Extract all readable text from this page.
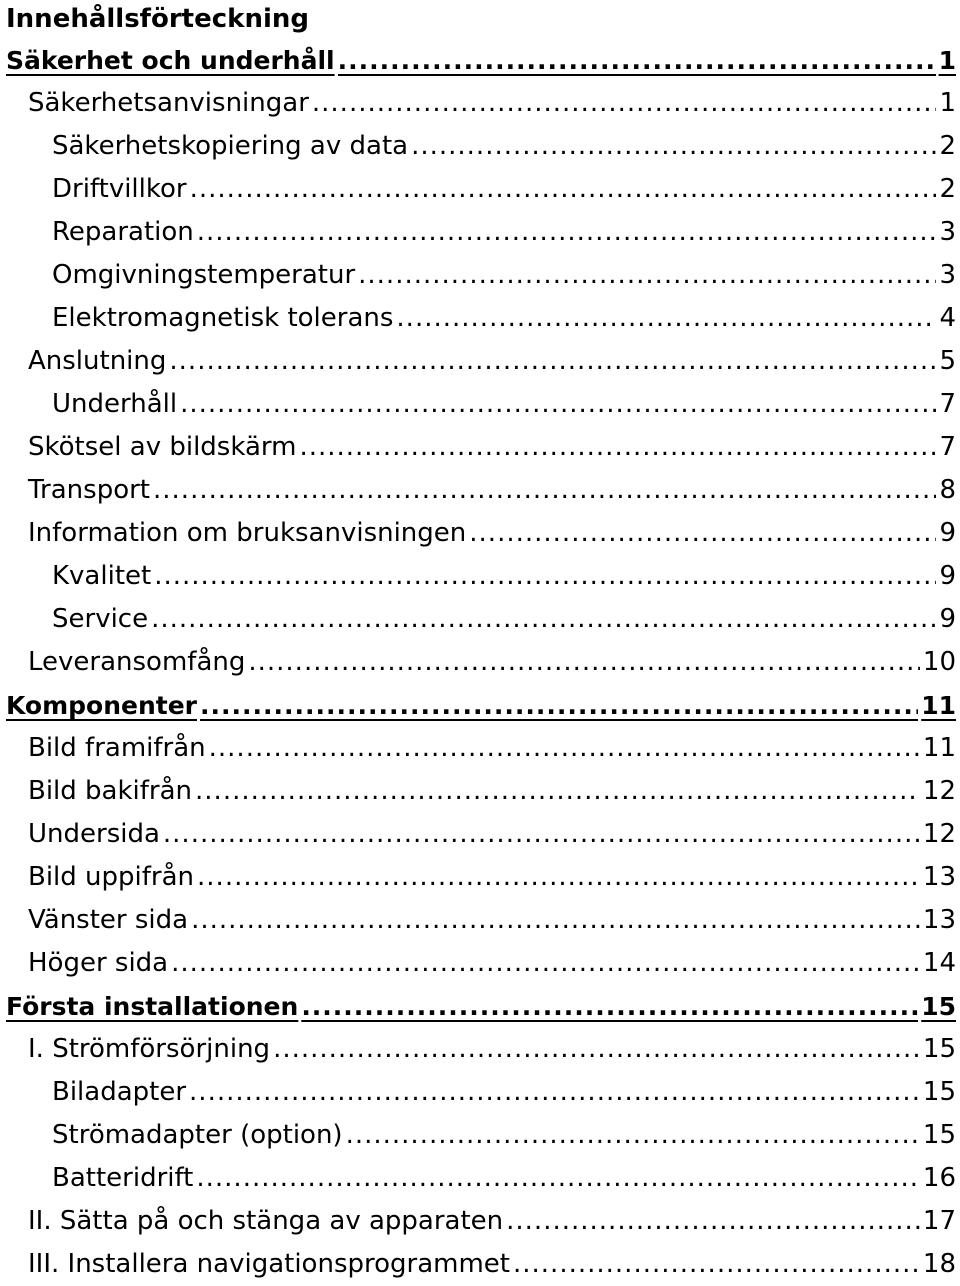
Innehållsförteckning
Säkerhet och underhåll .....	1
Säkerhetsanvisningar .....	1
Säkerhetskopiering av data .....	2
Driftvillkor .....	2
Reparation .....	3
Omgivningstemperatur .....	3
Elektromagnetisk tolerans .....	4
Anslutning .....	5
Underhåll .....	7
Skötsel av bildskärm .....	7
Transport .....	8
Information om bruksanvisningen .....	9
Kvalitet .....	9
Service .....	9
Leveransomfång .....	10
Komponenter .....	11
Bild framifrån .....	11
Bild bakifrån .....	12
Undersida .....	12
Bild uppifrån .....	13
Vänster sida .....	13
Höger sida .....	14
Första installationen .....	15
I. Strömförsörjning .....	15
Biladapter .....	15
Strömadapter (option) .....	15
Batteridrift .....	16
II. Sätta på och stänga av apparaten .....	17
III. Installera navigationsprogrammet .....	18
